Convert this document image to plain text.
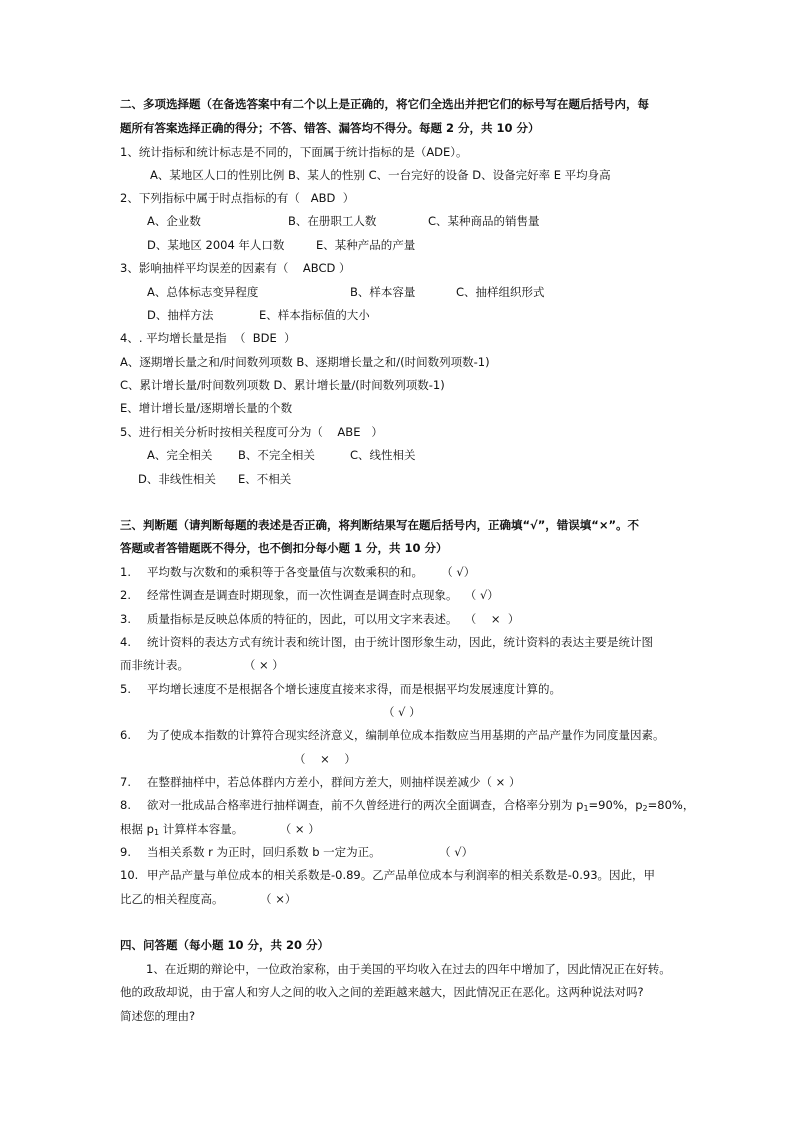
二、多项选择题（在备选答案中有二个以上是正确的，将它们全选出并把它们的标号写在题后括号内，每
题所有答案选择正确的得分；不答、错答、漏答均不得分。每题 2 分，共 10 分）
1、统计指标和统计标志是不同的，下面属于统计指标的是（ADE）。
A、某地区人口的性别比例 B、某人的性别 C、一台完好的设备 D、设备完好率 E 平均身高
2、下列指标中属于时点指标的有（   ABD  ）
A、企业数	B、在册职工人数	C、某种商品的销售量
D、某地区 2004 年人口数	E、某种产品的产量
3、影响抽样平均误差的因素有（    ABCD ）
A、总体标志变异程度	B、样本容量	C、抽样组织形式
D、抽样方法	E、样本指标值的大小
4、. 平均增长量是指  （  BDE  ）
A、逐期增长量之和/时间数列项数 B、逐期增长量之和/(时间数列项数-1)
C、累计增长量/时间数列项数 D、累计增长量/(时间数列项数-1)
E、增计增长量/逐期增长量的个数
5、进行相关分析时按相关程度可分为（    ABE   ）
A、完全相关 B、不完全相关	C、线性相关
D、非线性相关 E、不相关
三、判断题（请判断每题的表述是否正确，将判断结果写在题后括号内，正确填“√”，错误填“×”。不
答题或者答错题既不得分，也不倒扣分每小题 1 分，共 10 分）
1. 平均数与次数和的乘积等于各变量值与次数乘积的和。     （ √）
2. 经常性调查是调查时期现象，而一次性调查是调查时点现象。  （ √）
3. 质量指标是反映总体质的特征的，因此，可以用文字来表述。  （    ×  ）
4. 统计资料的表达方式有统计表和统计图，由于统计图形象生动，因此，统计资料的表达主要是统计图
而非统计表。               （ × ）
5. 平均增长速度不是根据各个增长速度直接来求得，而是根据平均发展速度计算的。
（ √ ）
6. 为了使成本指数的计算符合现实经济意义，编制单位成本指数应当用基期的产品产量作为同度量因素。
（    ×    ）
7. 在整群抽样中，若总体群内方差小，群间方差大，则抽样误差减少（ × ）
8. 欲对一批成品合格率进行抽样调查，前不久曾经进行的两次全面调查，合格率分别为 $p_1=90\%$，$p_2=80\%$，
根据 $p_1$ 计算样本容量。          （ × ）
9. 当相关系数 r 为正时，回归系数 b 一定为正。                （ √）
10. 甲产品产量与单位成本的相关系数是-0.89。乙产品单位成本与利润率的相关系数是-0.93。因此，甲
比乙的相关程度高。          （ ×）
四、问答题（每小题 10 分，共 20 分）
1、在近期的辩论中，一位政治家称，由于美国的平均收入在过去的四年中增加了，因此情况正在好转。
他的政敌却说，由于富人和穷人之间的收入之间的差距越来越大，因此情况正在恶化。这两种说法对吗?
简述您的理由?
